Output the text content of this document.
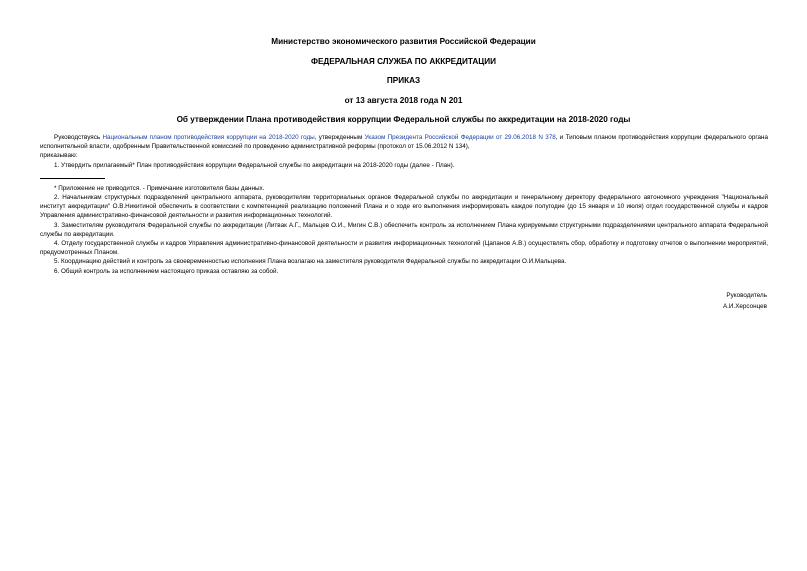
Министерство экономического развития Российской Федерации
ФЕДЕРАЛЬНАЯ СЛУЖБА ПО АККРЕДИТАЦИИ
ПРИКАЗ
от 13 августа 2018 года N 201
Об утверждении Плана противодействия коррупции Федеральной службы по аккредитации на 2018-2020 годы

Руководствуясь Национальным планом противодействия коррупции на 2018-2020 годы, утвержденным Указом Президента Российской Федерации от 29.06.2018 N 378, и Типовым планом противодействия коррупции федерального органа исполнительной власти, одобренным Правительственной комиссией по проведению административной реформы (протокол от 15.06.2012 N 134),

приказываю:

1. Утвердить прилагаемый* План противодействия коррупции Федеральной службы по аккредитации на 2018-2020 годы (далее - План).

* Приложение не приводится. - Примечание изготовителя базы данных.

2. Начальникам структурных подразделений центрального аппарата, руководителям территориальных органов Федеральной службы по аккредитации и генеральному директору федерального автономного учреждения "Национальный институт аккредитации" О.В.Никитиной обеспечить в соответствии с компетенцией реализацию положений Плана и о ходе его выполнения информировать каждое полугодие (до 15 января и 10 июля) отдел государственной службы и кадров Управления административно-финансовой деятельности и развития информационных технологий.

3. Заместителям руководителя Федеральной службы по аккредитации (Литвак А.Г., Мальцев О.И., Мигин С.В.) обеспечить контроль за исполнением Плана курируемыми структурными подразделениями центрального аппарата Федеральной службы по аккредитации.

4. Отделу государственной службы и кадров Управления административно-финансовой деятельности и развития информационных технологий (Цапанов А.В.) осуществлять сбор, обработку и подготовку отчетов о выполнении мероприятий, предусмотренных Планом.

5. Координацию действий и контроль за своевременностью исполнения Плана возлагаю на заместителя руководителя Федеральной службы по аккредитации О.И.Мальцева.

6. Общий контроль за исполнением настоящего приказа оставляю за собой.

Руководитель
А.И.Херсонцев
